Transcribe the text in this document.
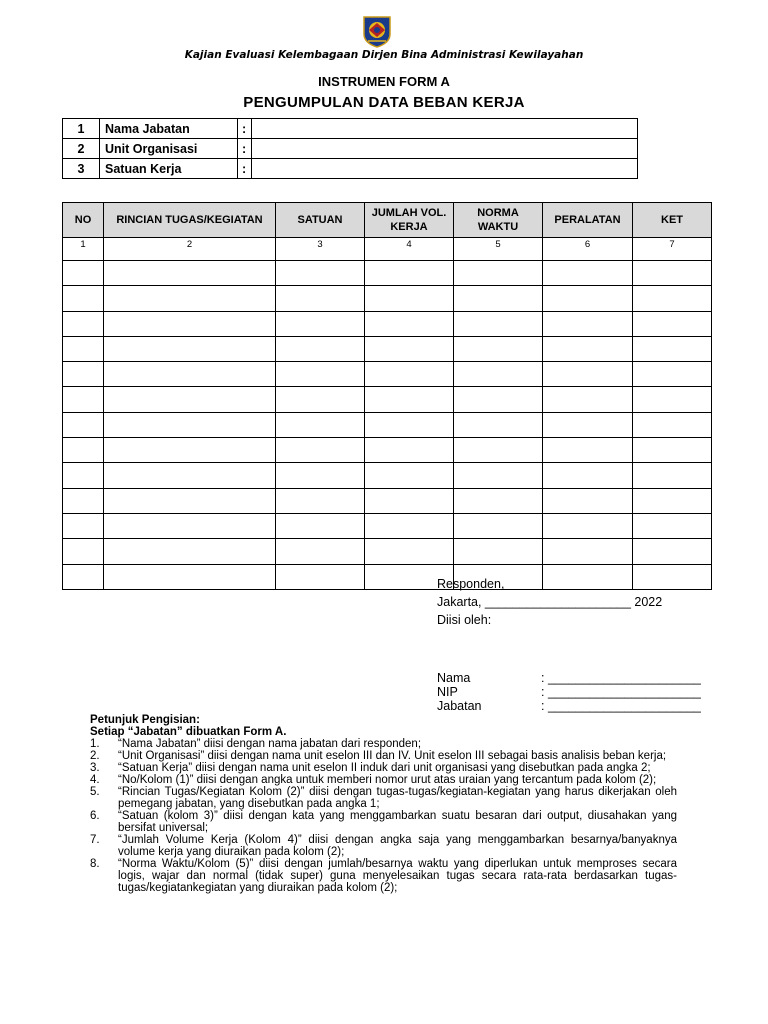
Kajian Evaluasi Kelembagaan Dirjen Bina Administrasi Kewilayahan
INSTRUMEN FORM A
PENGUMPULAN DATA BEBAN KERJA
1	Nama Jabatan	:	
2	Unit Organisasi	:	
3	Satuan Kerja	:	
NO	RINCIAN TUGAS/KEGIATAN	SATUAN	JUMLAH VOL. KERJA	NORMA WAKTU	PERALATAN	KET
1	2	3	4	5	6	7

Responden,
Jakarta, _____________________ 2022
Diisi oleh:
Nama	: ______________________
NIP	: ______________________
Jabatan	: ______________________
Petunjuk Pengisian:
Setiap “Jabatan” dibuatkan Form A.
1. “Nama Jabatan” diisi dengan nama jabatan dari responden;
2. “Unit Organisasi” diisi dengan nama unit eselon III dan IV. Unit eselon III sebagai basis analisis beban kerja;
3. “Satuan Kerja” diisi dengan nama unit eselon II induk dari unit organisasi yang disebutkan pada angka 2;
4. “No/Kolom (1)” diisi dengan angka untuk memberi nomor urut atas uraian yang tercantum pada kolom (2);
5. “Rincian Tugas/Kegiatan Kolom (2)” diisi dengan tugas-tugas/kegiatan-kegiatan yang harus dikerjakan oleh pemegang jabatan, yang disebutkan pada angka 1;
6. “Satuan (kolom 3)” diisi dengan kata yang menggambarkan suatu besaran dari output, diusahakan yang bersifat universal;
7. “Jumlah Volume Kerja (Kolom 4)” diisi dengan angka saja yang menggambarkan besarnya/banyaknya volume kerja yang diuraikan pada kolom (2);
8. “Norma Waktu/Kolom (5)” diisi dengan jumlah/besarnya waktu yang diperlukan untuk memproses secara logis, wajar dan normal (tidak super) guna menyelesaikan tugas secara rata-rata berdasarkan tugas-tugas/kegiatankegiatan yang diuraikan pada kolom (2);
